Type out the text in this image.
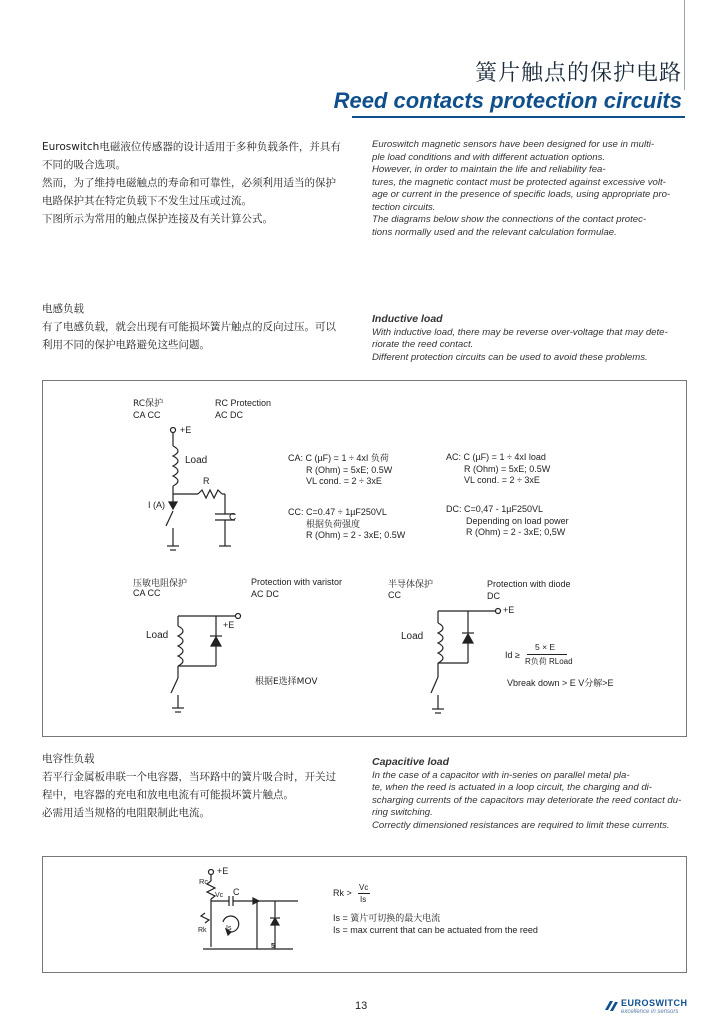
簧片触点的保护电路
Reed contacts protection circuits
Euroswitch电磁液位传感器的设计适用于多种负载条件，并具有
不同的吸合选项。
然而，为了维持电磁触点的寿命和可靠性，必须利用适当的保护
电路保护其在特定负载下不发生过压或过流。
下图所示为常用的触点保护连接及有关计算公式。
Euroswitch magnetic sensors have been designed for use in multi-
ple load conditions and with different actuation options.
However, in order to maintain the life and reliability fea-
tures, the magnetic contact must be protected against excessive volt-
age or current in the presence of specific loads, using appropriate pro-
tection circuits.
The diagrams below show the connections of the contact protec-
tions normally used and the relevant calculation formulae.
电感负载
有了电感负载，就会出现有可能损坏簧片触点的反向过压。可以
利用不同的保护电路避免这些问题。
Inductive load
With inductive load, there may be reverse over-voltage that may dete-
riorate the reed contact.
Different protection circuits can be used to avoid these problems.
RC保护
CA CC
RC Protection
AC DC
+E
Load
R
C
I (A)
CA: C (µF) = 1 ÷ 4xI 负荷
R (Ohm) = 5xE; 0.5W
VL cond. = 2 ÷ 3xE
AC: C (µF) = 1 ÷ 4xI load
R (Ohm) = 5xE; 0.5W
VL cond. = 2 ÷ 3xE
CC: C=0.47 ÷ 1µF250VL
根据负荷强度
R (Ohm) = 2 - 3xE; 0.5W
DC: C=0,47 - 1µF250VL
Depending on load power
R (Ohm) = 2 - 3xE; 0,5W
压敏电阻保护
CA CC
Protection with varistor
AC DC
+E
Load
根据E选择MOV
半导体保护
CC
Protection with diode
DC
+E
Load
Id ≥
5 × E
R负荷 RLoad
Vbreak down > E V分解>E
电容性负载
若平行金属板串联一个电容器，当环路中的簧片吸合时，开关过
程中，电容器的充电和放电电流有可能损坏簧片触点。
必需用适当规格的电阻限制此电流。
Capacitive load
In the case of a capacitor with in-series on parallel metal pla-
te, when the reed is actuated in a loop circuit, the charging and di-
scharging currents of the capacitors may deteriorate the reed contact du-
ring switching.
Correctly dimensioned resistances are required to limit these currents.
+E
Rc
C
Vc
Rk	Is
5
Rk >
Vc
Is
Is = 簧片可切换的最大电流
Is = max current that can be actuated from the reed
13	EUROSWITCH
excellence in sensors
